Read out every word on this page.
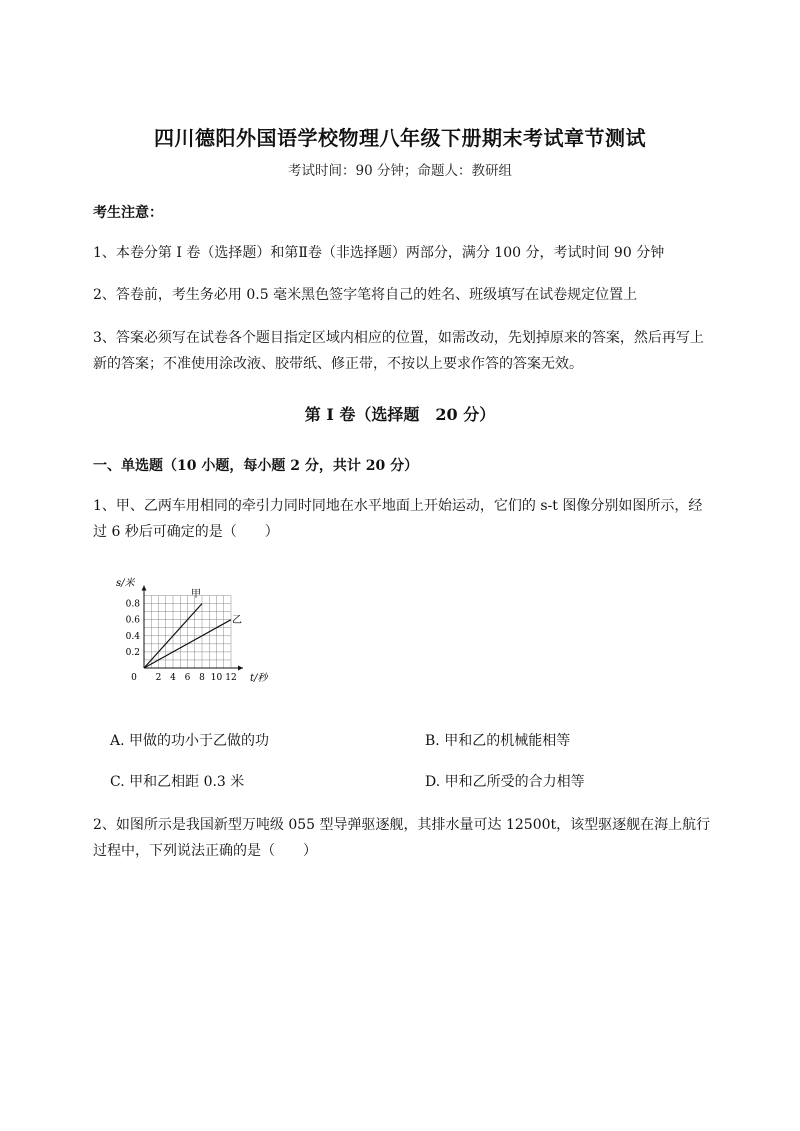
四川德阳外国语学校物理八年级下册期末考试章节测试
考试时间：90 分钟；命题人：教研组
考生注意：
1、本卷分第 I 卷（选择题）和第Ⅱ卷（非选择题）两部分，满分 100 分，考试时间 90 分钟
2、答卷前，考生务必用 0.5 毫米黑色签字笔将自己的姓名、班级填写在试卷规定位置上
3、答案必须写在试卷各个题目指定区域内相应的位置，如需改动，先划掉原来的答案，然后再写上新的答案；不准使用涂改液、胶带纸、修正带，不按以上要求作答的答案无效。
第 I 卷（选择题　20 分）
一、单选题（10 小题，每小题 2 分，共计 20 分）
1、甲、乙两车用相同的牵引力同时同地在水平地面上开始运动，它们的 s-t 图像分别如图所示，经过 6 秒后可确定的是（　　）
0 2 4 6 8 10 12
0.2
0.4
0.6
0.8
s/米
t/秒
甲
乙
A. 甲做的功小于乙做的功	B. 甲和乙的机械能相等
C. 甲和乙相距 0.3 米	D. 甲和乙所受的合力相等
2、如图所示是我国新型万吨级 055 型导弹驱逐舰，其排水量可达 12500t，该型驱逐舰在海上航行过程中，下列说法正确的是（　　）
